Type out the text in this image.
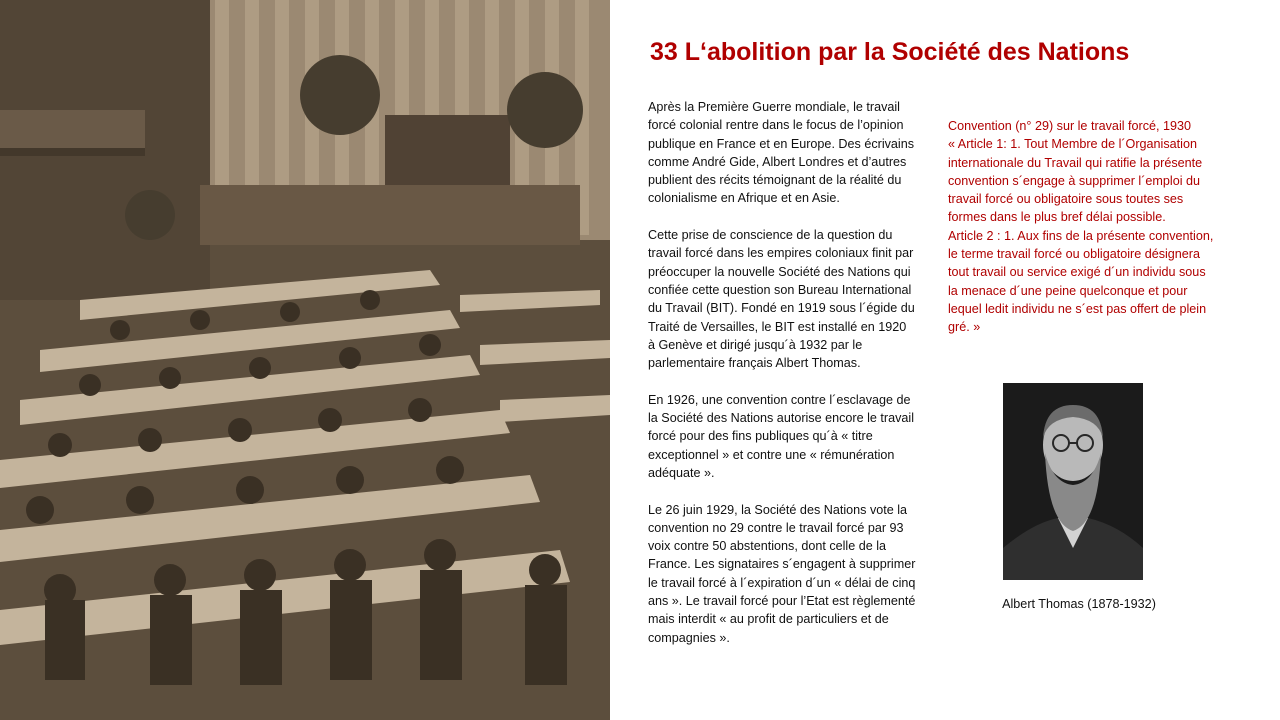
33 L‘abolition par la Société des Nations

Après la Première Guerre mondiale, le travail forcé colonial rentre dans le focus de l’opinion publique en France et en Europe. Des écrivains comme André Gide, Albert Londres et d’autres publient des récits témoignant de la réalité du colonialisme en Afrique et en Asie.

Cette prise de conscience de la question du travail forcé dans les empires coloniaux finit par préoccuper la nouvelle Société des Nations qui confiée cette question son Bureau International du Travail (BIT). Fondé en 1919 sous l´égide du Traité de Versailles, le BIT est installé en 1920 à Genève et dirigé jusqu´à 1932 par le parlementaire français Albert Thomas.

En 1926, une convention contre l´esclavage de la Société des Nations autorise encore le travail forcé pour des fins publiques qu´à « titre exceptionnel » et contre une « rémunération adéquate ».

Le 26 juin 1929, la Société des Nations vote la convention no 29 contre le travail forcé par 93 voix contre 50 abstentions, dont celle de la France. Les signataires s´engagent à supprimer le travail forcé à l´expiration d´un « délai de cinq ans ». Le travail forcé pour l’Etat est règlementé mais interdit « au profit de particuliers et de compagnies ».

Convention (n° 29) sur le travail forcé, 1930

« Article 1: 1. Tout Membre de l´Organisation internationale du Travail qui ratifie la présente convention s´engage à supprimer l´emploi du travail forcé ou obligatoire sous toutes ses formes dans le plus bref délai possible.

Article 2 : 1. Aux fins de la présente convention, le terme travail forcé ou obligatoire désignera tout travail ou service exigé d´un individu sous la menace d´une peine quelconque et pour lequel ledit individu ne s´est pas offert de plein gré. »

Albert Thomas (1878-1932)
